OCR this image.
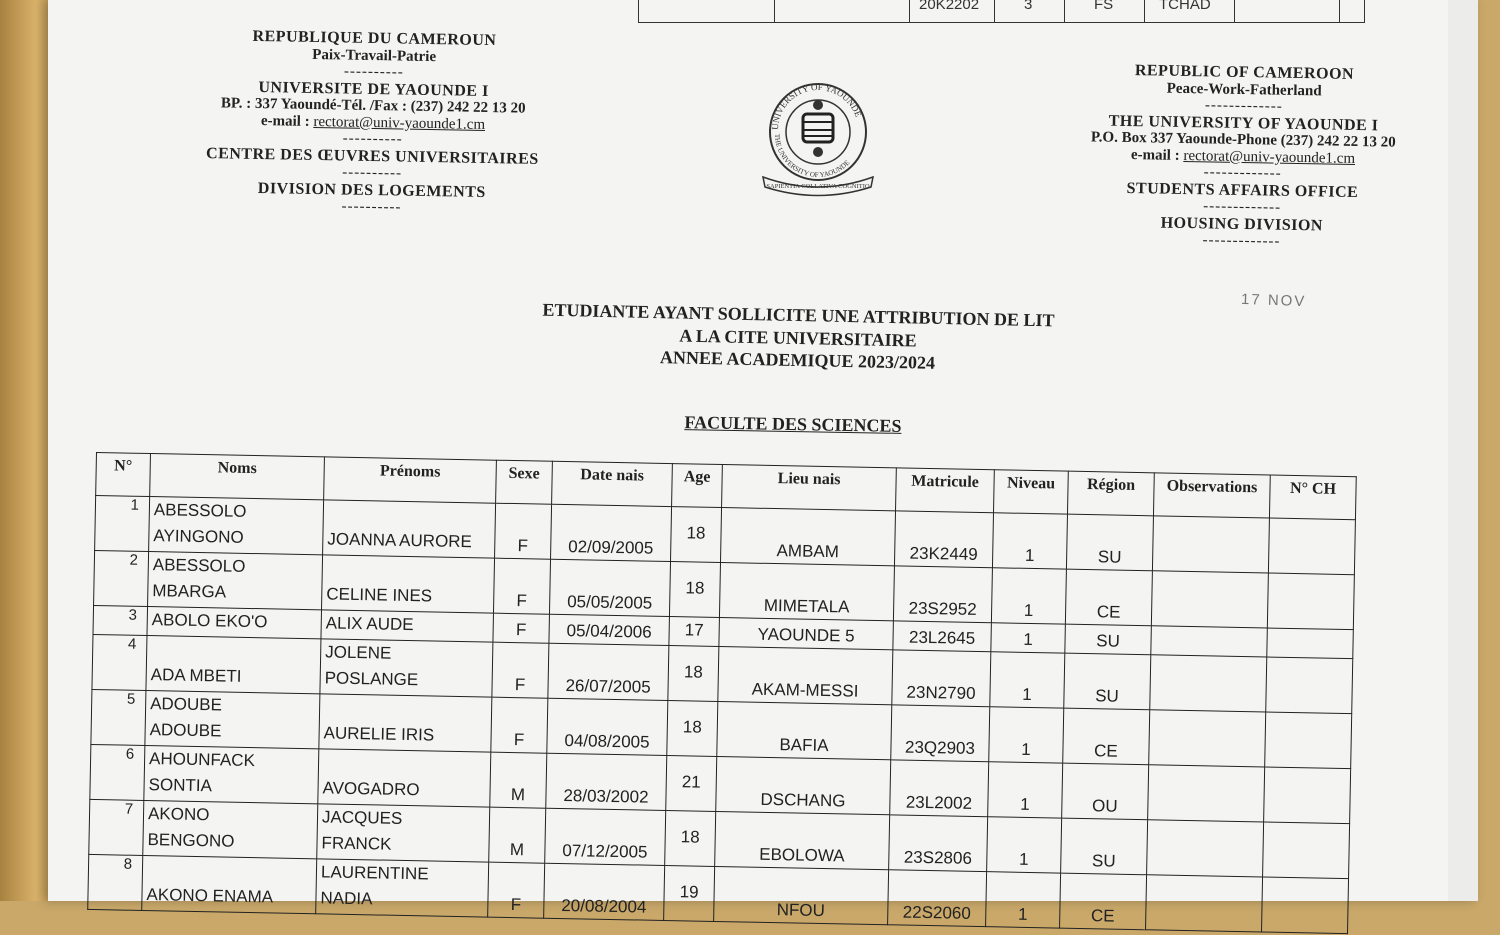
20K2202	3	FS	TCHAD
REPUBLIQUE DU CAMEROUN
Paix-Travail-Patrie
----------
UNIVERSITE DE YAOUNDE I
BP. : 337 Yaoundé-Tél. /Fax : (237) 242 22 13 20
e-mail : rectorat@univ-yaounde1.cm
----------
CENTRE DES ŒUVRES UNIVERSITAIRES
----------
DIVISION DES LOGEMENTS
----------
UNIVERSITY OF YAOUNDE
THE UNIVERSITY OF YAOUNDE
SAPIENTIA COLLATIVA COGNITIO
REPUBLIC OF CAMEROON
Peace-Work-Fatherland
-------------
THE UNIVERSITY OF YAOUNDE I
P.O. Box 337 Yaounde-Phone (237) 242 22 13 20
e-mail : rectorat@univ-yaounde1.cm
-------------
STUDENTS AFFAIRS OFFICE
-------------
HOUSING DIVISION
-------------
17 NOV
ETUDIANTE AYANT SOLLICITE UNE ATTRIBUTION DE LIT
A LA CITE UNIVERSITAIRE
ANNEE ACADEMIQUE 2023/2024
FACULTE DES SCIENCES
N°	Noms	Prénoms	Sexe	Date nais	Age	Lieu nais	Matricule	Niveau	Région	Observations	N° CH
1	ABESSOLO
AYINGONO	JOANNA AURORE	F	02/09/2005	18	AMBAM	23K2449	1	SU		
2	ABESSOLO
MBARGA	CELINE INES	F	05/05/2005	18	MIMETALA	23S2952	1	CE		
3	ABOLO EKO'O	ALIX AUDE	F	05/04/2006	17	YAOUNDE 5	23L2645	1	SU		
4	ADA MBETI	JOLENE POSLANGE	F	26/07/2005	18	AKAM-MESSI	23N2790	1	SU		
5	ADOUBE
ADOUBE	AURELIE IRIS	F	04/08/2005	18	BAFIA	23Q2903	1	CE		
6	AHOUNFACK
SONTIA	AVOGADRO	M	28/03/2002	21	DSCHANG	23L2002	1	OU		
7	AKONO
BENGONO	JACQUES
FRANCK	M	07/12/2005	18	EBOLOWA	23S2806	1	SU		
8	AKONO ENAMA	LAURENTINE
NADIA	F	20/08/2004	19	NFOU	22S2060	1	CE		
